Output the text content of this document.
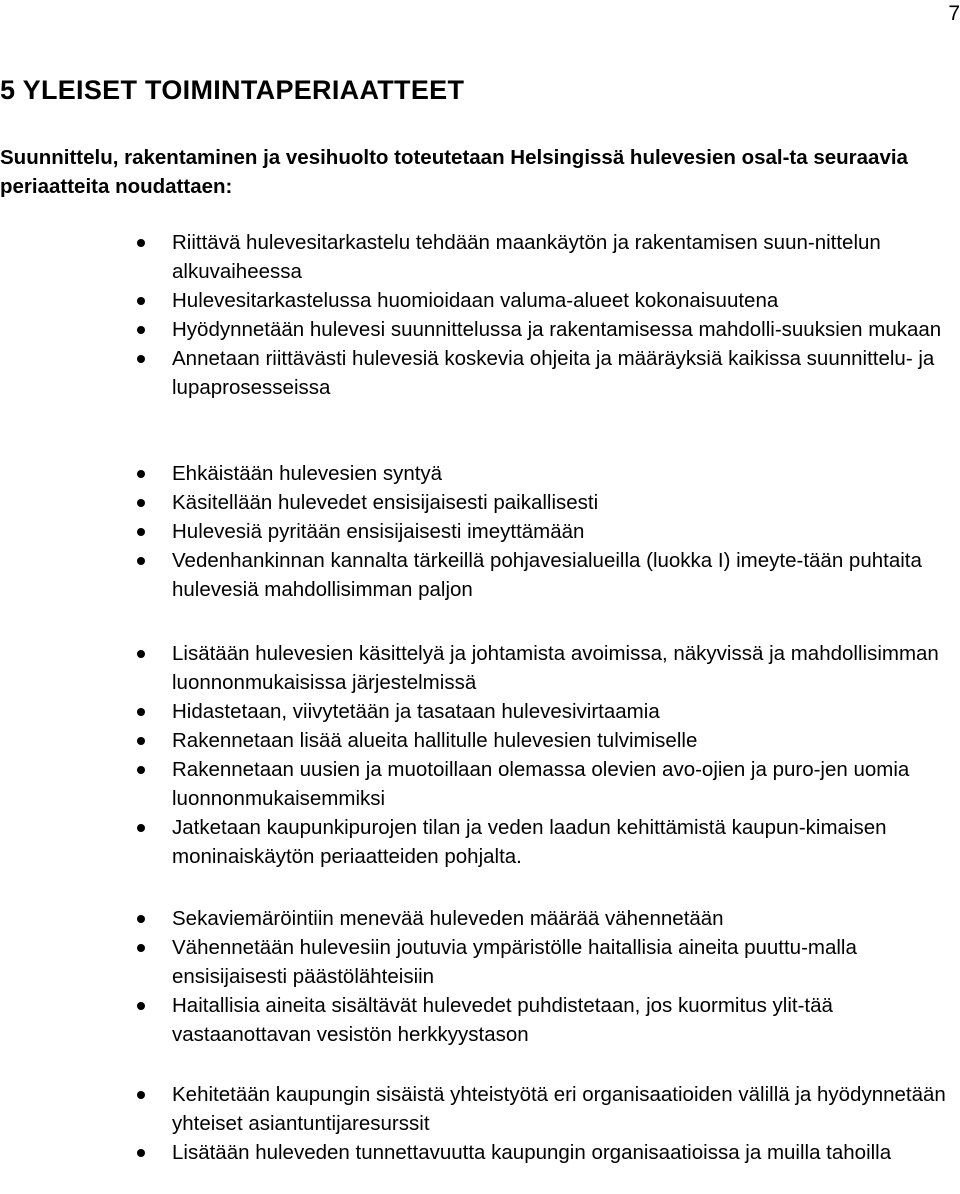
7
5 YLEISET TOIMINTAPERIAATTEET

Suunnittelu, rakentaminen ja vesihuolto toteutetaan Helsingissä hulevesien osal-ta seuraavia periaatteita noudattaen:

Riittävä hulevesitarkastelu tehdään maankäytön ja rakentamisen suun-nittelun alkuvaiheessa
Hulevesitarkastelussa huomioidaan valuma-alueet kokonaisuutena
Hyödynnetään hulevesi suunnittelussa ja rakentamisessa mahdolli-suuksien mukaan
Annetaan riittävästi hulevesiä koskevia ohjeita ja määräyksiä kaikissa suunnittelu- ja lupaprosesseissa
Ehkäistään hulevesien syntyä
Käsitellään hulevedet ensisijaisesti paikallisesti
Hulevesiä pyritään ensisijaisesti imeyttämään
Vedenhankinnan kannalta tärkeillä pohjavesialueilla (luokka I) imeyte-tään puhtaita hulevesiä mahdollisimman paljon
Lisätään hulevesien käsittelyä ja johtamista avoimissa, näkyvissä ja mahdollisimman luonnonmukaisissa järjestelmissä
Hidastetaan, viivytetään ja tasataan hulevesivirtaamia
Rakennetaan lisää alueita hallitulle hulevesien tulvimiselle
Rakennetaan uusien ja muotoillaan olemassa olevien avo-ojien ja puro-jen uomia luonnonmukaisemmiksi
Jatketaan kaupunkipurojen tilan ja veden laadun kehittämistä kaupun-kimaisen moninaiskäytön periaatteiden pohjalta.
Sekaviemäröintiin menevää huleveden määrää vähennetään
Vähennetään hulevesiin joutuvia ympäristölle haitallisia aineita puuttu-malla ensisijaisesti päästölähteisiin
Haitallisia aineita sisältävät hulevedet puhdistetaan, jos kuormitus ylit-tää vastaanottavan vesistön herkkyystason
Kehitetään kaupungin sisäistä yhteistyötä eri organisaatioiden välillä ja hyödynnetään yhteiset asiantuntijaresurssit
Lisätään huleveden tunnettavuutta kaupungin organisaatioissa ja muilla tahoilla
